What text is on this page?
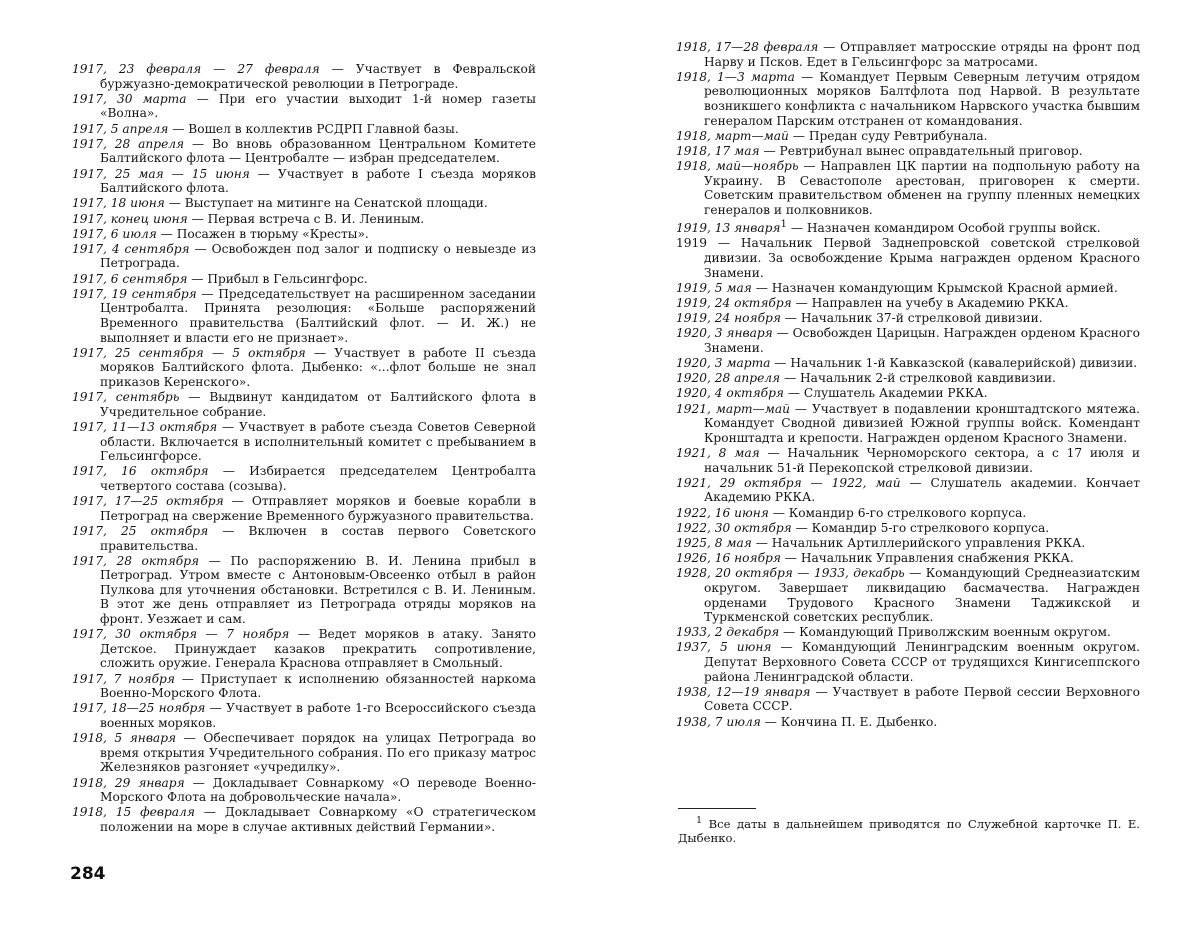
1917, 23 февраля — 27 февраля — Участвует в Февральской буржуазно-демократической революции в Петрограде.

1917, 30 марта — При его участии выходит 1-й номер газеты «Волна».

1917, 5 апреля — Вошел в коллектив РСДРП Главной базы.

1917, 28 апреля — Во вновь образованном Центральном Комитете Балтийского флота — Центробалте — избран председателем.

1917, 25 мая — 15 июня — Участвует в работе I съезда моряков Балтийского флота.

1917, 18 июня — Выступает на митинге на Сенатской площади.

1917, конец июня — Первая встреча с В. И. Лениным.

1917, 6 июля — Посажен в тюрьму «Кресты».

1917, 4 сентября — Освобожден под залог и подписку о невыезде из Петрограда.

1917, 6 сентября — Прибыл в Гельсингфорс.

1917, 19 сентября — Председательствует на расширенном заседании Центробалта. Принята резолюция: «Больше распоряжений Временного правительства (Балтийский флот. — И. Ж.) не выполняет и власти его не признает».

1917, 25 сентября — 5 октября — Участвует в работе II съезда моряков Балтийского флота. Дыбенко: «...флот больше не знал приказов Керенского».

1917, сентябрь — Выдвинут кандидатом от Балтийского флота в Учредительное собрание.

1917, 11—13 октября — Участвует в работе съезда Советов Северной области. Включается в исполнительный комитет с пребыванием в Гельсингфорсе.

1917, 16 октября — Избирается председателем Центробалта четвертого состава (созыва).

1917, 17—25 октября — Отправляет моряков и боевые корабли в Петроград на свержение Временного буржуазного правительства.

1917, 25 октября — Включен в состав первого Советского правительства.

1917, 28 октября — По распоряжению В. И. Ленина прибыл в Петроград. Утром вместе с Антоновым-Овсеенко отбыл в район Пулкова для уточнения обстановки. Встретился с В. И. Лениным. В этот же день отправляет из Петрограда отряды моряков на фронт. Уезжает и сам.

1917, 30 октября — 7 ноября — Ведет моряков в атаку. Занято Детское. Принуждает казаков прекратить сопротивление, сложить оружие. Генерала Краснова отправляет в Смольный.

1917, 7 ноября — Приступает к исполнению обязанностей наркома Военно-Морского Флота.

1917, 18—25 ноября — Участвует в работе 1-го Всероссийского съезда военных моряков.

1918, 5 января — Обеспечивает порядок на улицах Петрограда во время открытия Учредительного собрания. По его приказу матрос Железняков разгоняет «учредилку».

1918, 29 января — Докладывает Совнаркому «О переводе Военно-Морского Флота на добровольческие начала».

1918, 15 февраля — Докладывает Совнаркому «О стратегическом положении на море в случае активных действий Германии».

1918, 17—28 февраля — Отправляет матросские отряды на фронт под Нарву и Псков. Едет в Гельсингфорс за матросами.

1918, 1—3 марта — Командует Первым Северным летучим отрядом революционных моряков Балтфлота под Нарвой. В результате возникшего конфликта с начальником Нарвского участка бывшим генералом Парским отстранен от командования.

1918, март—май — Предан суду Ревтрибунала.

1918, 17 мая — Ревтрибунал вынес оправдательный приговор.

1918, май—ноябрь — Направлен ЦК партии на подпольную работу на Украину. В Севастополе арестован, приговорен к смерти. Советским правительством обменен на группу пленных немецких генералов и полковников.

1919, 13 января1 — Назначен командиром Особой группы войск.

1919 — Начальник Первой Заднепровской советской стрелковой дивизии. За освобождение Крыма награжден орденом Красного Знамени.

1919, 5 мая — Назначен командующим Крымской Красной армией.

1919, 24 октября — Направлен на учебу в Академию РККА.

1919, 24 ноября — Начальник 37-й стрелковой дивизии.

1920, 3 января — Освобожден Царицын. Награжден орденом Красного Знамени.

1920, 3 марта — Начальник 1-й Кавказской (кавалерийской) дивизии.

1920, 28 апреля — Начальник 2-й стрелковой кавдивизии.

1920, 4 октября — Слушатель Академии РККА.

1921, март—май — Участвует в подавлении кронштадтского мятежа. Командует Сводной дивизией Южной группы войск. Комендант Кронштадта и крепости. Награжден орденом Красного Знамени.

1921, 8 мая — Начальник Черноморского сектора, а с 17 июля и начальник 51-й Перекопской стрелковой дивизии.

1921, 29 октября — 1922, май — Слушатель академии. Кончает Академию РККА.

1922, 16 июня — Командир 6-го стрелкового корпуса.

1922, 30 октября — Командир 5-го стрелкового корпуса.

1925, 8 мая — Начальник Артиллерийского управления РККА.

1926, 16 ноября — Начальник Управления снабжения РККА.

1928, 20 октября — 1933, декабрь — Командующий Среднеазиатским округом. Завершает ликвидацию басмачества. Награжден орденами Трудового Красного Знамени Таджикской и Туркменской советских республик.

1933, 2 декабря — Командующий Приволжским военным округом.

1937, 5 июня — Командующий Ленинградским военным округом. Депутат Верховного Совета СССР от трудящихся Кингисеппского района Ленинградской области.

1938, 12—19 января — Участвует в работе Первой сессии Верховного Совета СССР.

1938, 7 июля — Кончина П. Е. Дыбенко.

284
1 Все даты в дальнейшем приводятся по Служебной карточке П. Е. Дыбенко.
